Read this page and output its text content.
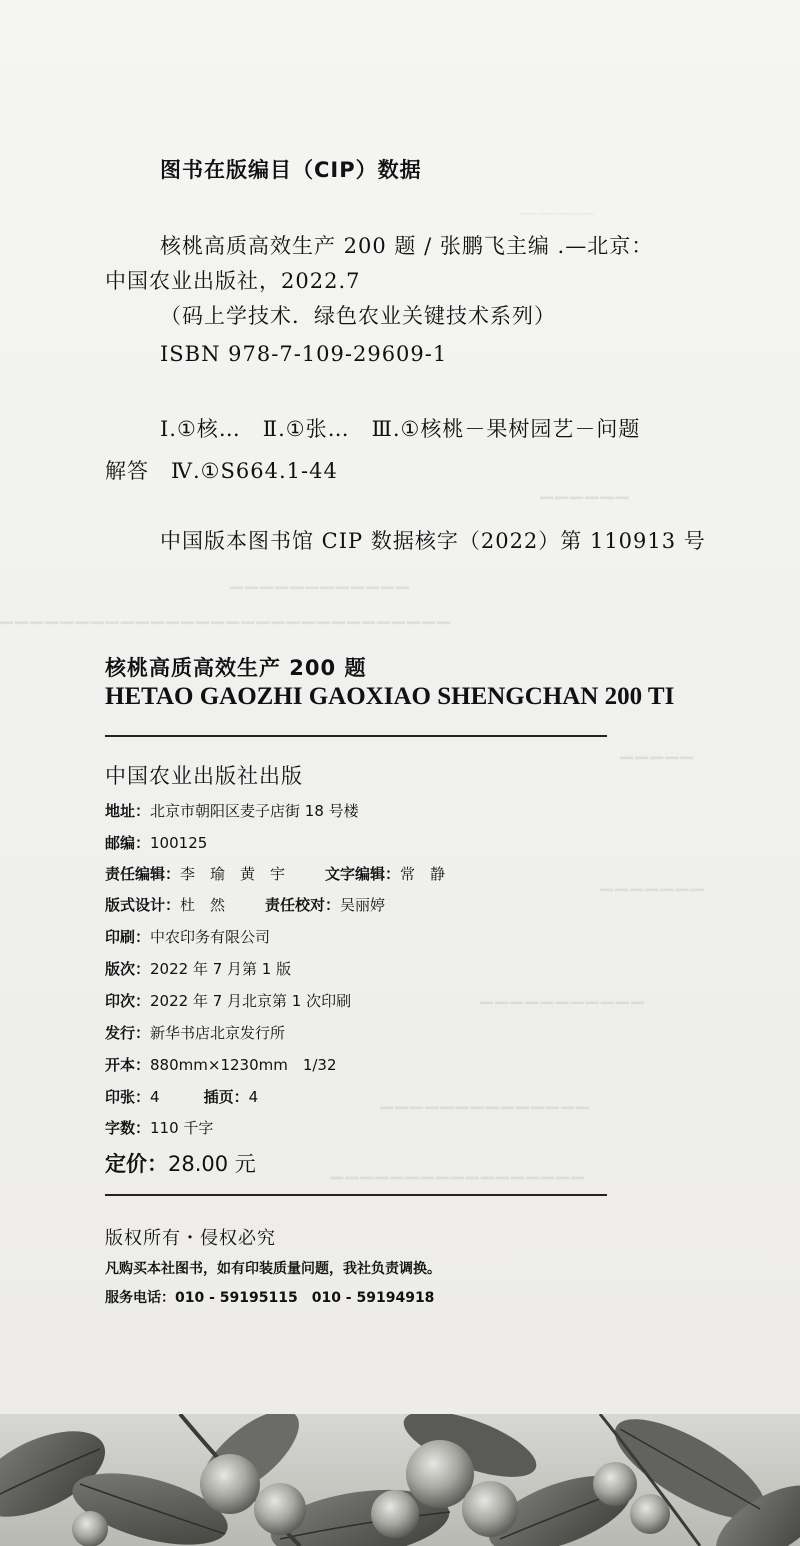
＿＿＿＿　　

▁▁▁▁▁▁
▁▁▁▁▁▁▁▁▁▁▁▁
▁▁▁▁▁▁▁▁▁▁▁▁▁▁▁▁▁▁▁▁▁▁▁▁▁▁▁▁▁▁
▁▁▁▁▁
▁▁▁▁▁▁▁
▁▁▁▁▁▁▁▁▁▁▁
▁▁▁▁▁▁▁▁▁▁▁▁▁▁
▁▁▁▁▁▁▁▁▁▁▁▁▁▁▁▁▁
图书在版编目（CIP）数据
核桃高质高效生产 200 题 / 张鹏飞主编 .—北京：
中国农业出版社，2022.7
（码上学技术．绿色农业关键技术系列）
ISBN 978-7-109-29609-1
Ⅰ.①核…　Ⅱ.①张…　Ⅲ.①核桃－果树园艺－问题
解答　Ⅳ.①S664.1-44
中国版本图书馆 CIP 数据核字（2022）第 110913 号
核桃高质高效生产 200 题
HETAO GAOZHI GAOXIAO SHENGCHAN 200 TI
中国农业出版社出版
地址：北京市朝阳区麦子店街 18 号楼
邮编：100125
责任编辑：李　瑜　黄　宇	文字编辑：常　静
版式设计：杜　然	责任校对：吴丽婷
印刷：中农印务有限公司
版次：2022 年 7 月第 1 版
印次：2022 年 7 月北京第 1 次印刷
发行：新华书店北京发行所
开本：880mm×1230mm　1/32
印张：4	插页：4
字数：110 千字
定价：28.00 元
版权所有・侵权必究
凡购买本社图书，如有印装质量问题，我社负责调换。
服务电话：010 - 59195115　010 - 59194918
